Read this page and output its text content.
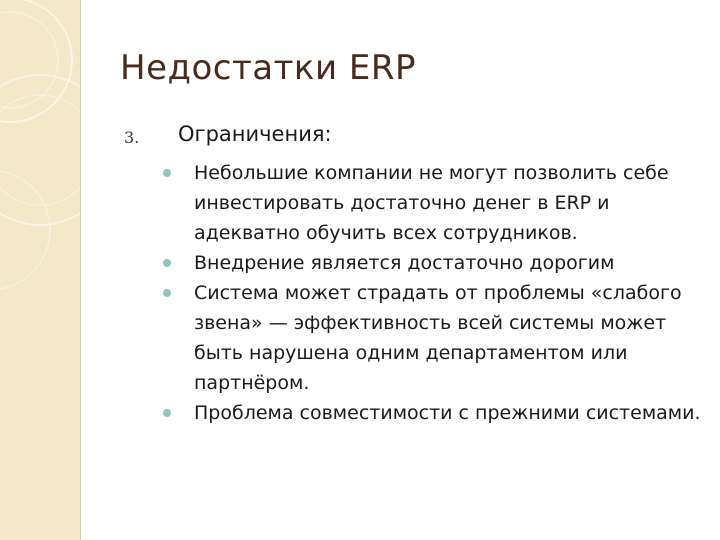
Недостатки ERP
3. Ограничения:
Небольшие компании не могут позволить себе инвестировать достаточно денег в ERP и адекватно обучить всех сотрудников.
Внедрение является достаточно дорогим
Система может страдать от проблемы «слабого звена» — эффективность всей системы может быть нарушена одним департаментом или партнёром.
Проблема совместимости с прежними системами.
